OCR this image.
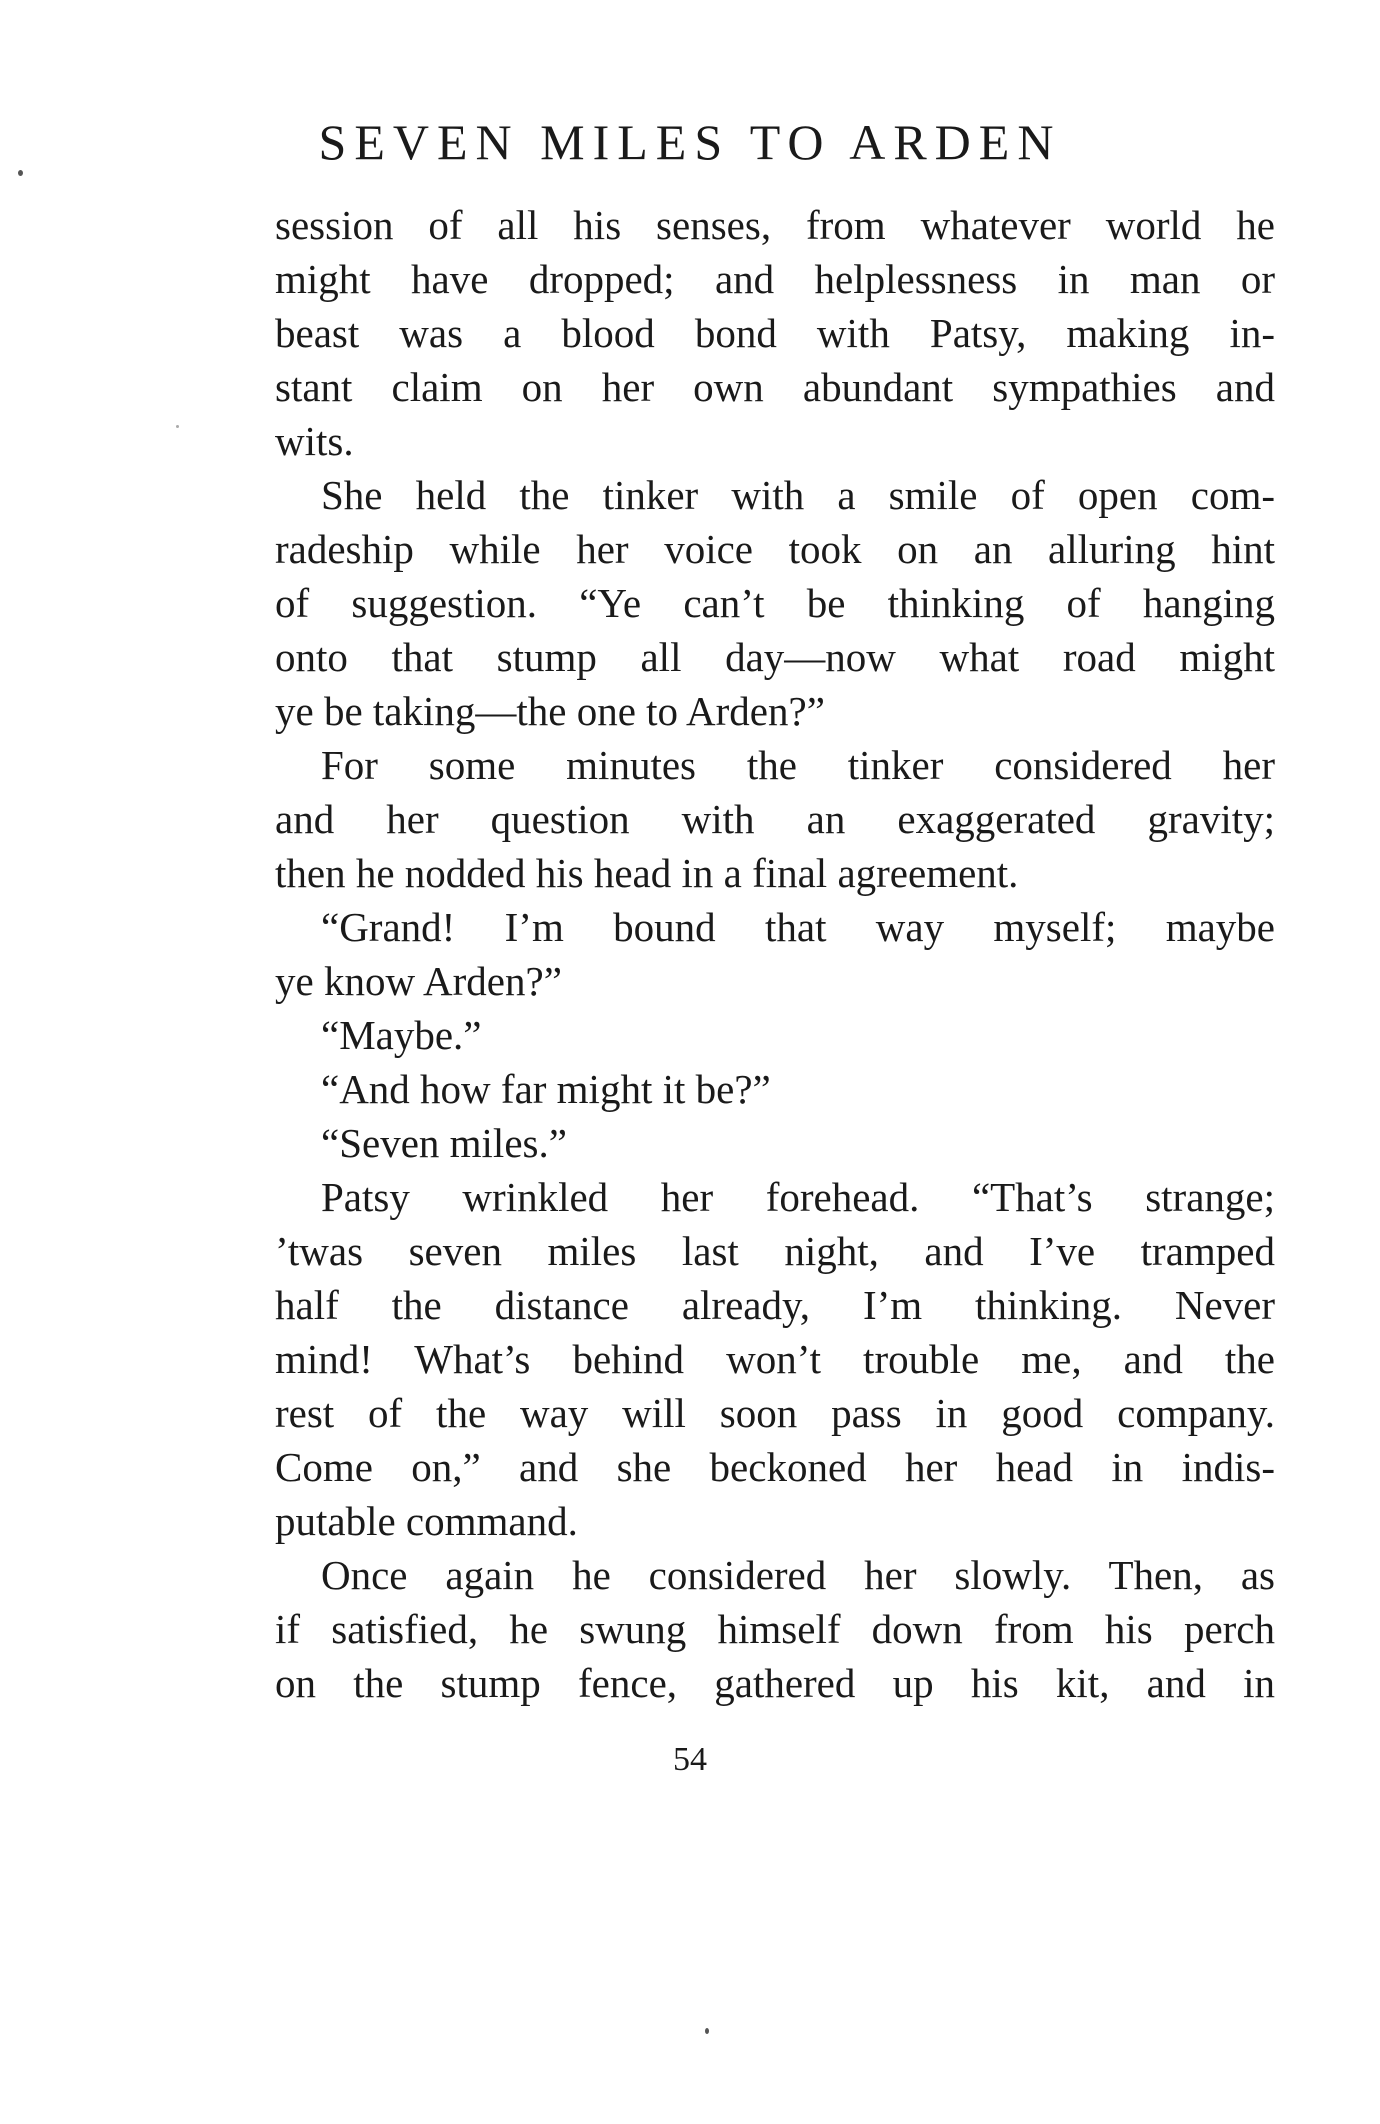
SEVEN MILES TO ARDEN
session of all his senses, from whatever world he
might have dropped; and helplessness in man or
beast was a blood bond with Patsy, making in-
stant claim on her own abundant sympathies and
wits.
She held the tinker with a smile of open com-
radeship while her voice took on an alluring hint
of suggestion. “Ye can’t be thinking of hanging
onto that stump all day—now what road might
ye be taking—the one to Arden?”
For some minutes the tinker considered her
and her question with an exaggerated gravity;
then he nodded his head in a final agreement.
“Grand! I’m bound that way myself; maybe
ye know Arden?”
“Maybe.”
“And how far might it be?”
“Seven miles.”
Patsy wrinkled her forehead. “That’s strange;
’twas seven miles last night, and I’ve tramped
half the distance already, I’m thinking. Never
mind! What’s behind won’t trouble me, and the
rest of the way will soon pass in good company.
Come on,” and she beckoned her head in indis-
putable command.
Once again he considered her slowly. Then, as
if satisfied, he swung himself down from his perch
on the stump fence, gathered up his kit, and in
54
